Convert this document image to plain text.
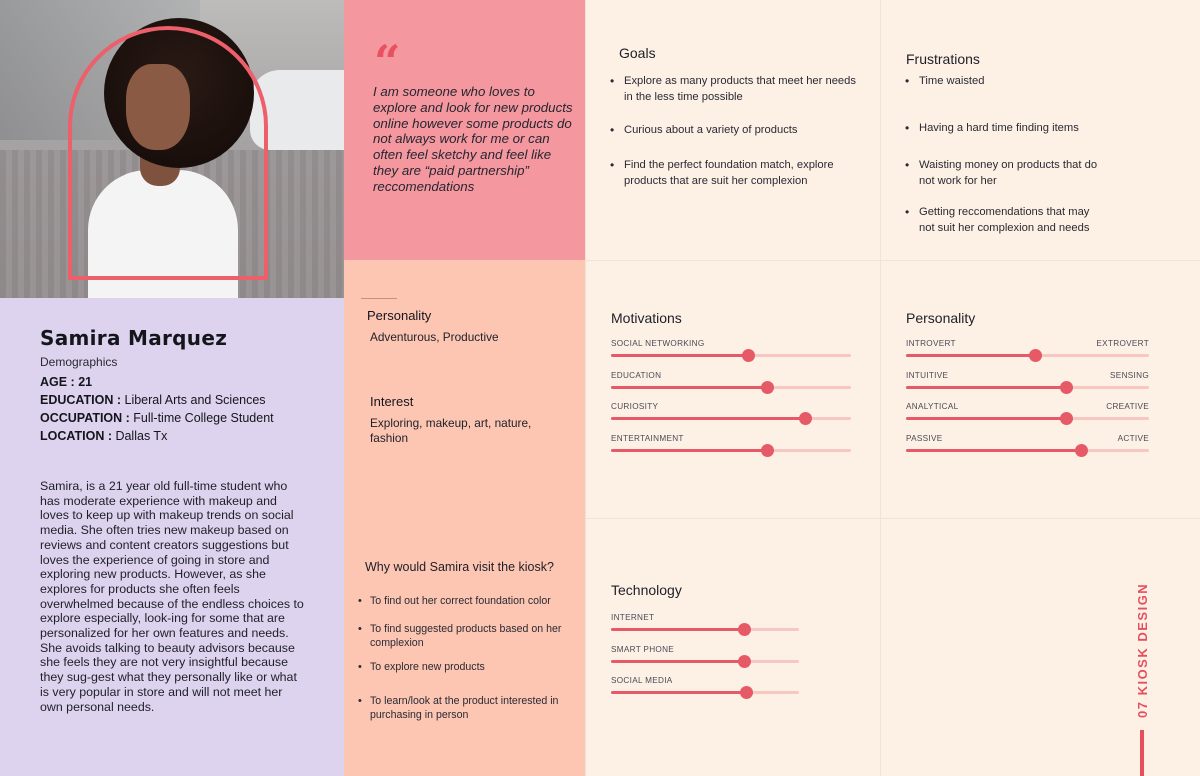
Samira Marquez
Demographics
AGE : 21
EDUCATION : Liberal Arts and Sciences
OCCUPATION : Full-time College Student
LOCATION : Dallas Tx
Samira, is a 21 year old full-time student who has moderate experience with makeup and loves to keep up with makeup trends on social media. She often tries new makeup based on reviews and content creators suggestions but loves the experience of going in store and exploring new products. However, as she explores for products she often feels overwhelmed because of the endless choices to explore especially, look-ing for some that are personalized for her own features and needs. She avoids talking to beauty advisors because she feels they are not very insightful because they sug-gest what they personally like or what is very popular in store and will not meet her own personal needs.
“
I am someone who loves to explore and look for new products online however some products do not always work for me or can often feel sketchy and feel like they are “paid partnership” reccomendations
Goals
• Explore as many products that meet her needs in the less time possible
• Curious about a variety of products
• Find the perfect foundation match, explore products that are suit her complexion
Frustrations
• Time waisted
• Having a hard time finding items
• Waisting money on products that do not work for her
• Getting reccomendations that may not suit her complexion and needs
Personality
Adventurous, Productive
Interest
Exploring, makeup, art, nature, fashion
Motivations
SOCIAL NETWORKING
EDUCATION
CURIOSITY
ENTERTAINMENT
Personality
INTROVERT	EXTROVERT
INTUITIVE	SENSING
ANALYTICAL	CREATIVE
PASSIVE	ACTIVE
Why would Samira visit the kiosk?
• To find out her correct foundation color
• To find suggested products based on her complexion
• To explore new products
• To learn/look at the product interested in purchasing in person
Technology
INTERNET
SMART PHONE
SOCIAL MEDIA	07 KIOSK DESIGN
